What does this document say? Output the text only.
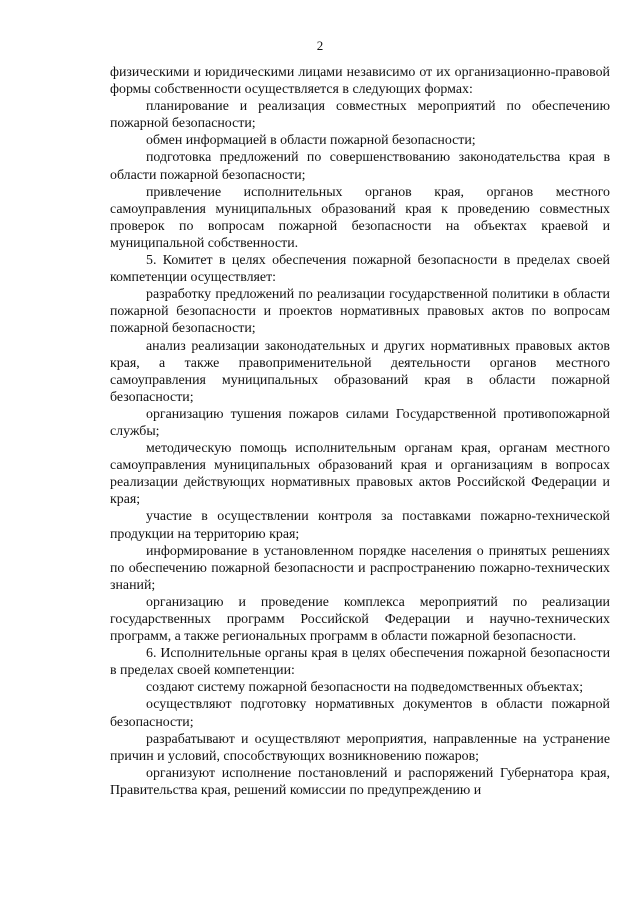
2

физическими и юридическими лицами независимо от их организационно-правовой формы собственности осуществляется в следующих формах:

планирование и реализация совместных мероприятий по обеспечению пожарной безопасности;

обмен информацией в области пожарной безопасности;

подготовка предложений по совершенствованию законодательства края в области пожарной безопасности;

привлечение исполнительных органов края, органов местного самоуправления муниципальных образований края к проведению совместных проверок по вопросам пожарной безопасности на объектах краевой и муниципальной собственности.

5. Комитет в целях обеспечения пожарной безопасности в пределах своей компетенции осуществляет:

разработку предложений по реализации государственной политики в области пожарной безопасности и проектов нормативных правовых актов по вопросам пожарной безопасности;

анализ реализации законодательных и других нормативных правовых актов края, а также правоприменительной деятельности органов местного самоуправления муниципальных образований края в области пожарной безопасности;

организацию тушения пожаров силами Государственной противопожарной службы;

методическую помощь исполнительным органам края, органам местного самоуправления муниципальных образований края и организациям в вопросах реализации действующих нормативных правовых актов Российской Федерации и края;

участие в осуществлении контроля за поставками пожарно-технической продукции на территорию края;

информирование в установленном порядке населения о принятых решениях по обеспечению пожарной безопасности и распространению пожарно-технических знаний;

организацию и проведение комплекса мероприятий по реализации государственных программ Российской Федерации и научно-технических программ, а также региональных программ в области пожарной безопасности.

6. Исполнительные органы края в целях обеспечения пожарной безопасности в пределах своей компетенции:

создают систему пожарной безопасности на подведомственных объектах;

осуществляют подготовку нормативных документов в области пожарной безопасности;

разрабатывают и осуществляют мероприятия, направленные на устранение причин и условий, способствующих возникновению пожаров;

организуют исполнение постановлений и распоряжений Губернатора края, Правительства края, решений комиссии по предупреждению и
